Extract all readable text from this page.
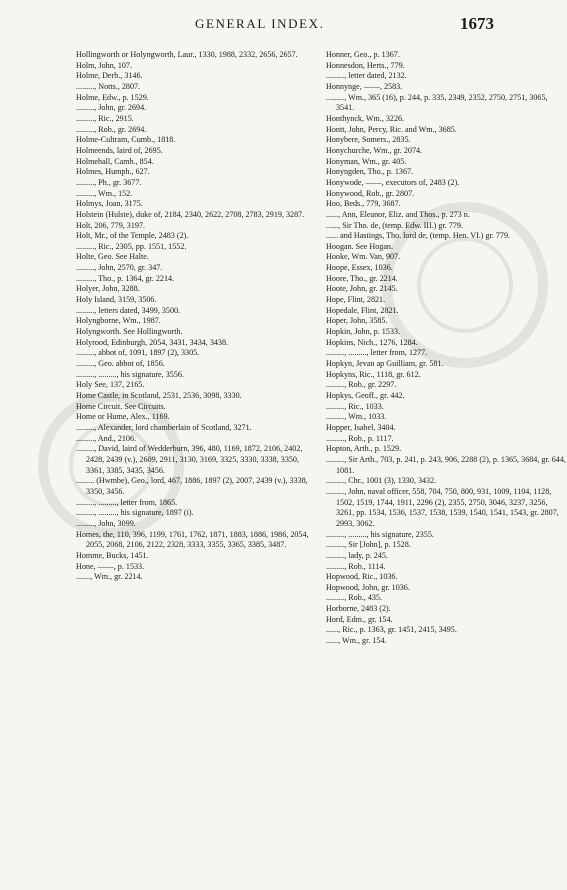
GENERAL INDEX.	1673
Hollingworth or Holyngworth, Laur., 1330, 1988, 2332, 2656, 2657.
Holm, John, 107.
Holme, Derb., 3146.
........., Notts., 2807.
Holme, Edw., p. 1529.
........., John, gr. 2694.
........., Ric., 2915.
........., Rob., gr. 2694.
Holme-Cultram, Cumb., 1818.
Holmeends, laird of, 2695.
Holmehall, Camb., 854.
Holmes, Humph., 627.
........., Ph., gr. 3677.
........., Wm., 152.
Holmys, Joan, 3175.
Holstein (Hulste), duke of, 2184, 2340, 2622, 2708, 2783, 2919, 3287.
Holt, 206, 779, 3197.
Holt, Mr., of the Temple, 2483 (2).
........., Ric., 2305, pp. 1551, 1552.
Holte, Geo. See Halte.
........., John, 2570, gr. 347.
........., Tho., p. 1364, gr. 2214.
Holyer, John, 3288.
Holy Island, 3159, 3506.
........., letters dated, 3499, 3500.
Holyngborne, Wm., 1987.
Holyngworth. See Hollingworth.
Holyrood, Edinburgh, 2054, 3431, 3434, 3438.
........., abbot of, 1091, 1897 (2), 3305.
........., Geo. abbot of, 1856.
........., ........., his signature, 3556.
Holy See, 137, 2165.
Home Castle, in Scotland, 2531, 2536, 3098, 3330.
Home Circuit. See Circuits.
Home or Hume, Alex., 1169.
........., Alexander, lord chamberlain of Scotland, 3271.
........., And., 2106.
........., David, laird of Wedderburn, 396, 480, 1169, 1872, 2106, 2402, 2428, 2439 (v.), 2609, 2911, 3130, 3169, 3325, 3330, 3338, 3350, 3361, 3385, 3435, 3456.
......... (Hwmbe), Geo., lord, 467, 1886, 1897 (2), 2007, 2439 (v.), 3338, 3350, 3456.
........., ........., letter from, 1865.
........., ........., his signature, 1897 (i).
........., John, 3099.
Homes, the, 110, 396, 1199, 1761, 1762, 1871, 1883, 1886, 1986, 2054, 2055, 2068, 2106, 2122, 2328, 3333, 3355, 3365, 3385, 3487.
Homme, Bucks, 1451.
Hone, ——, p. 1533.
......., Wm., gr. 2214.
Honner, Geo., p. 1367.
Honnesdon, Herts., 779.
........., letter dated, 2132.
Honnynge, ——, 2583.
........., Wm., 365 (16), p. 244, p. 335, 2349, 2352, 2750, 2751, 3065, 3541.
Honthynck, Wm., 3226.
Hontt, John, Percy, Ric. and Wm., 3685.
Honybere, Somers., 2835.
Honychurche, Wm., gr. 2074.
Honyman, Wm., gr. 405.
Honyngden, Tho., p. 1367.
Honywode, ——, executors of, 2483 (2).
Honywood, Rob., gr. 2807.
Hoo, Beds., 779, 3687.
......, Ann, Eleanor, Eliz. and Thos., p. 273 n.
......, Sir Tho. de, (temp. Edw. III.) gr. 779.
...... and Hastings, Tho. lord de, (temp. Hen. VI.) gr. 779.
Hoogan. See Hogan.
Hooke, Wm. Van, 907.
Hoope, Essex, 1036.
Hoore, Tho., gr. 2214.
Hoote, John, gr. 2145.
Hope, Flint, 2821.
Hopedale, Flint, 2821.
Hoper, John, 3585.
Hopkin, John, p. 1533.
Hopkins, Nich., 1276, 1284.
........., ........., letter from, 1277.
Hopkyn, Jevan ap Guilliam, gr. 581.
Hopkyns, Ric., 1118, gr. 612.
........., Rob., gr. 2297.
Hopkys, Geoff., gr. 442.
........., Ric., 1033.
........., Wm., 1033.
Hopper, Isabel, 3404.
........., Rob., p. 1117.
Hopton, Arth., p. 1529.
........., Sir Arth., 703, p. 241, p. 243, 906, 2288 (2), p. 1365, 3684, gr. 644, 1081.
........., Chr., 1001 (3), 1330, 3432.
........., John, naval officer, 558, 704, 750, 800, 931, 1009, 1104, 1128, 1502, 1519, 1744, 1911, 2296 (2), 2355, 2750, 3046, 3237, 3256, 3261, pp. 1534, 1536, 1537, 1538, 1539, 1540, 1541, 1543, gr. 2807, 2993, 3062.
........., ........., his signature, 2355.
........., Sir [John], p. 1528.
........., lady, p. 245.
........., Rob., 1114.
Hopwood, Ric., 1036.
Hopwood, John, gr. 1036.
........., Rob., 435.
Horborne, 2483 (2).
Hord, Edm., gr. 154.
......, Ric., p. 1363, gr. 1451, 2415, 3495.
......, Wm., gr. 154.
